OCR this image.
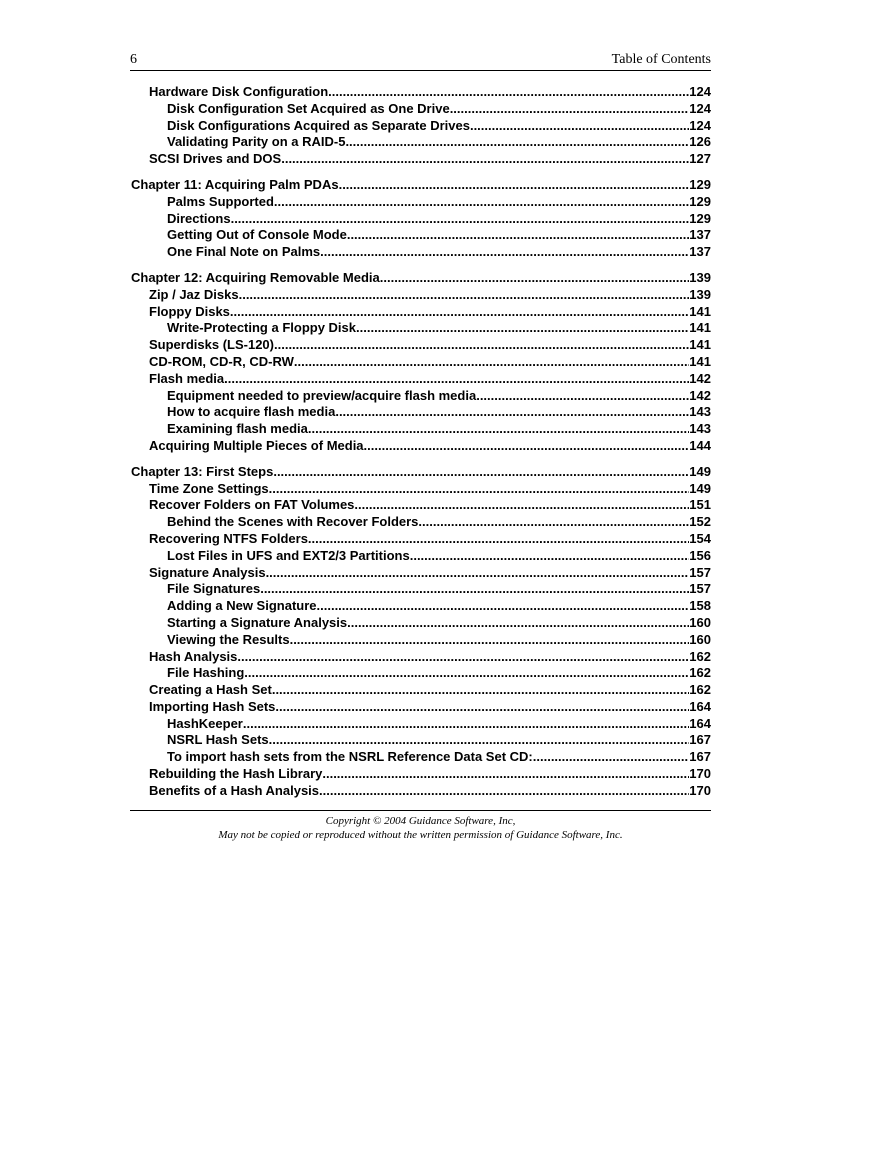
6	Table of Contents
Hardware Disk Configuration .....	124
Disk Configuration Set Acquired as One Drive .....	124
Disk Configurations Acquired as Separate Drives .....	124
Validating Parity on a RAID-5 .....	126
SCSI Drives and DOS .....	127
Chapter 11: Acquiring Palm PDAs .....	129
Palms Supported .....	129
Directions .....	129
Getting Out of Console Mode .....	137
One Final Note on Palms .....	137
Chapter 12: Acquiring Removable Media .....	139
Zip / Jaz Disks .....	139
Floppy Disks .....	141
Write-Protecting a Floppy Disk .....	141
Superdisks (LS-120) .....	141
CD-ROM, CD-R, CD-RW .....	141
Flash media .....	142
Equipment needed to preview/acquire flash media .....	142
How to acquire flash media .....	143
Examining flash media .....	143
Acquiring Multiple Pieces of Media .....	144
Chapter 13: First Steps .....	149
Time Zone Settings .....	149
Recover Folders on FAT Volumes .....	151
Behind the Scenes with Recover Folders .....	152
Recovering NTFS Folders .....	154
Lost Files in UFS and EXT2/3 Partitions .....	156
Signature Analysis .....	157
File Signatures .....	157
Adding a New Signature .....	158
Starting a Signature Analysis .....	160
Viewing the Results .....	160
Hash Analysis .....	162
File Hashing .....	162
Creating a Hash Set .....	162
Importing Hash Sets .....	164
HashKeeper .....	164
NSRL Hash Sets .....	167
To import hash sets from the NSRL Reference Data Set CD: .....	167
Rebuilding the Hash Library .....	170
Benefits of a Hash Analysis .....	170
Copyright © 2004 Guidance Software, Inc,
May not be copied or reproduced without the written permission of Guidance Software, Inc.
